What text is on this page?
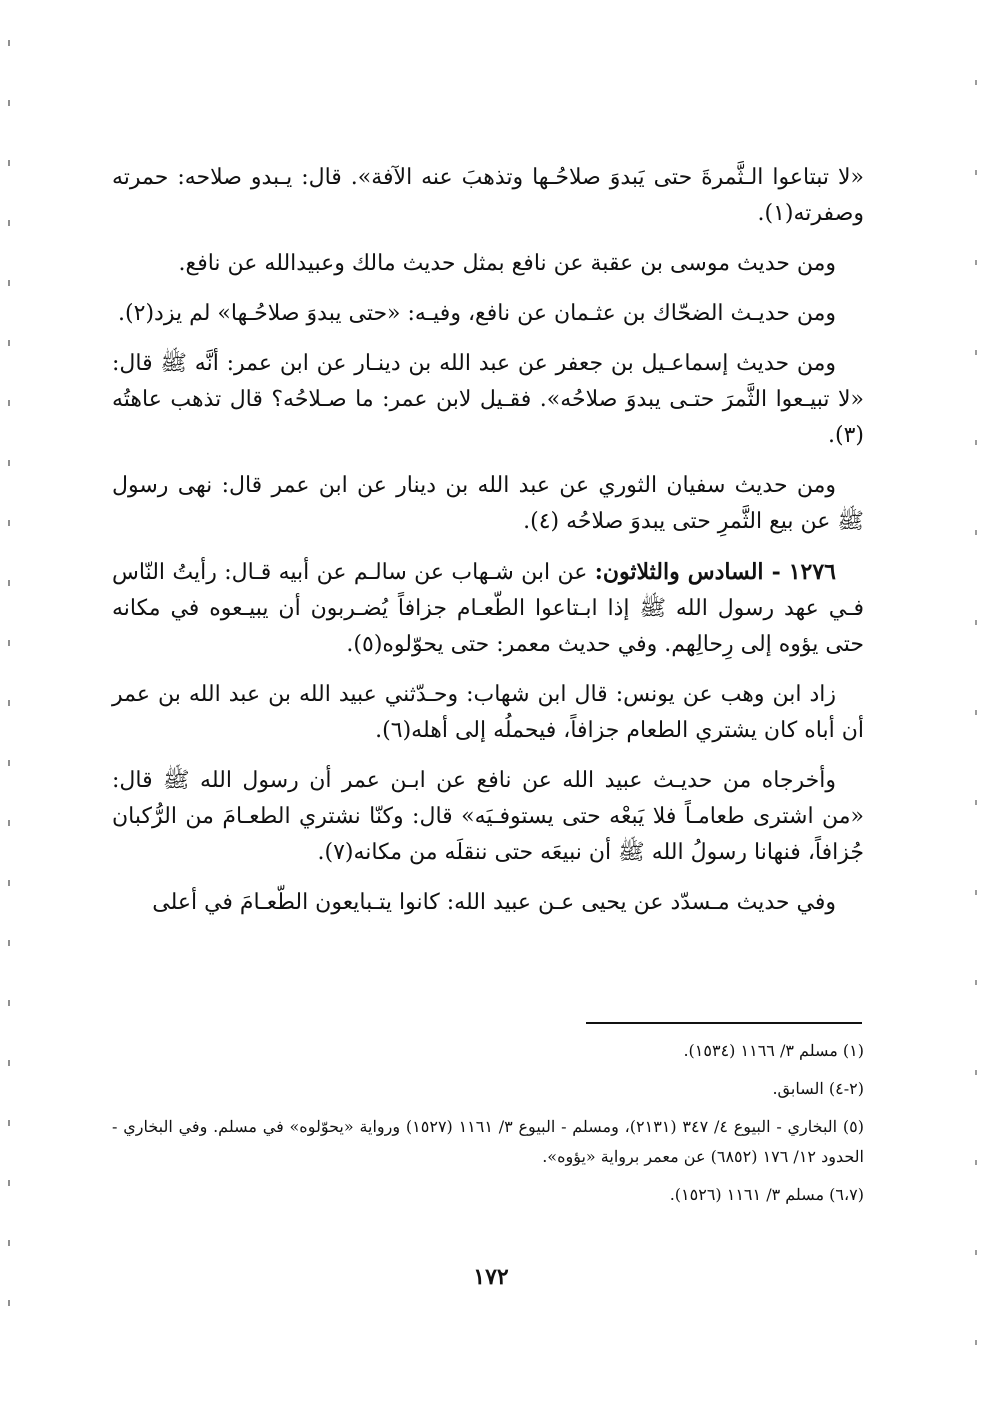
«لا تبتاعوا الـثَّمرةَ حتى يَبدوَ صلاحُـها وتذهبَ عنه الآفة». قال: يـبدو صلاحه: حمرته وصفرته(١).

ومن حديث موسى بن عقبة عن نافع بمثل حديث مالك وعبيدالله عن نافع.

ومن حديـث الضحّاك بن عثـمان عن نافع، وفيـه: «حتى يبدوَ صلاحُـها» لم يزد(٢).

ومن حديث إسماعـيل بن جعفر عن عبد الله بن دينـار عن ابن عمر: أنَّه ﷺ قال: «لا تبيـعوا الثَّمرَ حتـى يبدوَ صلاحُه». فقـيل لابن عمر: ما صـلاحُه؟ قال تذهب عاهتُه (٣).

ومن حديث سفيان الثوري عن عبد الله بن دينار عن ابن عمر قال: نهى رسول ﷺ عن بيع الثَّمرِ حتى يبدوَ صلاحُه (٤).

١٢٧٦ - السادس والثلاثون: عن ابن شـهاب عن سالـم عن أبيه قـال: رأيتُ النّاس فـي عهد رسول الله ﷺ إذا ابـتاعوا الطّعـام جزافاً يُضـربون أن يبيـعوه في مكانه حتى يؤوه إلى رِحالِهم. وفي حديث معمر: حتى يحوّلوه(٥).

زاد ابن وهب عن يونس: قال ابن شهاب: وحـدّثني عبيد الله بن عبد الله بن عمر أن أباه كان يشتري الطعام جزافاً، فيحملُه إلى أهله(٦).

وأخرجاه من حديـث عبيد الله عن نافع عن ابـن عمر أن رسول الله ﷺ قال: «من اشترى طعامـاً فلا يَبعْه حتى يستوفـيَه» قال: وكنّا نشتري الطعـامَ من الرُّكبان جُزافاً، فنهانا رسولُ الله ﷺ أن نبيعَه حتى ننقلَه من مكانه(٧).

وفي حديث مـسدّد عن يحيى عـن عبيد الله: كانوا يتـبايعون الطّعـامَ في أعلى

(١) مسلم ٣/ ١١٦٦ (١٥٣٤).

(٢-٤) السابق.

(٥) البخاري - البيوع ٤/ ٣٤٧ (٢١٣١)، ومسلم - البيوع ٣/ ١١٦١ (١٥٢٧) ورواية «يحوّلوه» في مسلم. وفي البخاري - الحدود ١٢/ ١٧٦ (٦٨٥٢) عن معمر برواية «يؤوه».

(٦،٧) مسلم ٣/ ١١٦١ (١٥٢٦).

١٧٢
